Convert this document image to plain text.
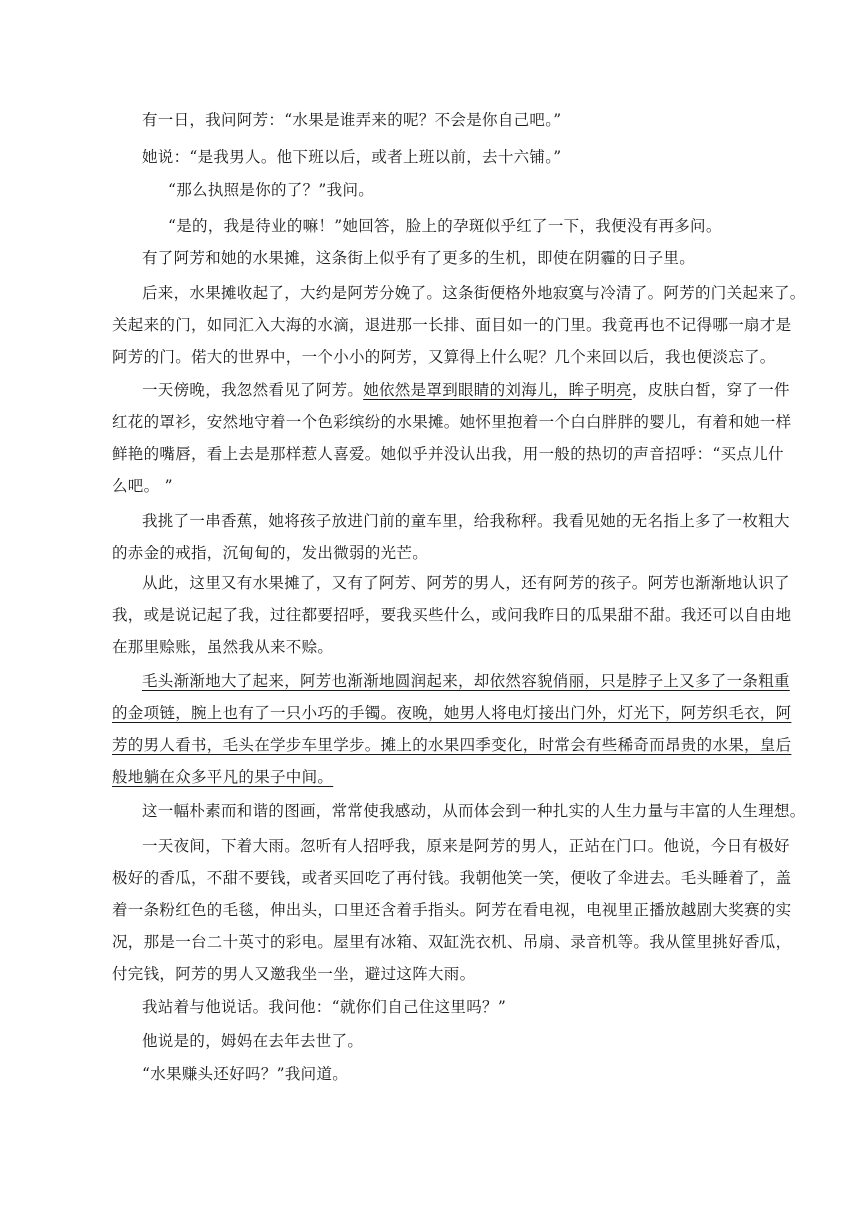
有一日，我问阿芳：“水果是谁弄来的呢？不会是你自己吧。”

她说：“是我男人。他下班以后，或者上班以前，去十六铺。”

“那么执照是你的了？”我问。

“是的，我是待业的嘛！”她回答，脸上的孕斑似乎红了一下，我便没有再多问。

有了阿芳和她的水果摊，这条街上似乎有了更多的生机，即使在阴霾的日子里。

后来，水果摊收起了，大约是阿芳分娩了。这条街便格外地寂寞与冷清了。阿芳的门关起来了。
关起来的门，如同汇入大海的水滴，退进那一长排、面目如一的门里。我竟再也不记得哪一扇才是
阿芳的门。偌大的世界中，一个小小的阿芳，又算得上什么呢？几个来回以后，我也便淡忘了。

一天傍晚，我忽然看见了阿芳。她依然是罩到眼睛的刘海儿，眸子明亮，皮肤白皙，穿了一件
红花的罩衫，安然地守着一个色彩缤纷的水果摊。她怀里抱着一个白白胖胖的婴儿，有着和她一样
鲜艳的嘴唇，看上去是那样惹人喜爱。她似乎并没认出我，用一般的热切的声音招呼：“买点儿什
么吧。 ”

我挑了一串香蕉，她将孩子放进门前的童车里，给我称秤。我看见她的无名指上多了一枚粗大
的赤金的戒指，沉甸甸的，发出微弱的光芒。

从此，这里又有水果摊了，又有了阿芳、阿芳的男人，还有阿芳的孩子。阿芳也渐渐地认识了
我，或是说记起了我，过往都要招呼，要我买些什么，或问我昨日的瓜果甜不甜。我还可以自由地
在那里赊账，虽然我从来不赊。

毛头渐渐地大了起来，阿芳也渐渐地圆润起来，却依然容貌俏丽，只是脖子上又多了一条粗重
的金项链，腕上也有了一只小巧的手镯。夜晚，她男人将电灯接出门外，灯光下，阿芳织毛衣，阿
芳的男人看书，毛头在学步车里学步。摊上的水果四季变化，时常会有些稀奇而昂贵的水果，皇后
般地躺在众多平凡的果子中间。

这一幅朴素而和谐的图画，常常使我感动，从而体会到一种扎实的人生力量与丰富的人生理想。

一天夜间，下着大雨。忽听有人招呼我，原来是阿芳的男人，正站在门口。他说，今日有极好
极好的香瓜，不甜不要钱，或者买回吃了再付钱。我朝他笑一笑，便收了伞进去。毛头睡着了，盖
着一条粉红色的毛毯，伸出头，口里还含着手指头。阿芳在看电视，电视里正播放越剧大奖赛的实
况，那是一台二十英寸的彩电。屋里有冰箱、双缸洗衣机、吊扇、录音机等。我从筐里挑好香瓜，
付完钱，阿芳的男人又邀我坐一坐，避过这阵大雨。

我站着与他说话。我问他：“就你们自己住这里吗？”

他说是的，姆妈在去年去世了。

“水果赚头还好吗？”我问道。
